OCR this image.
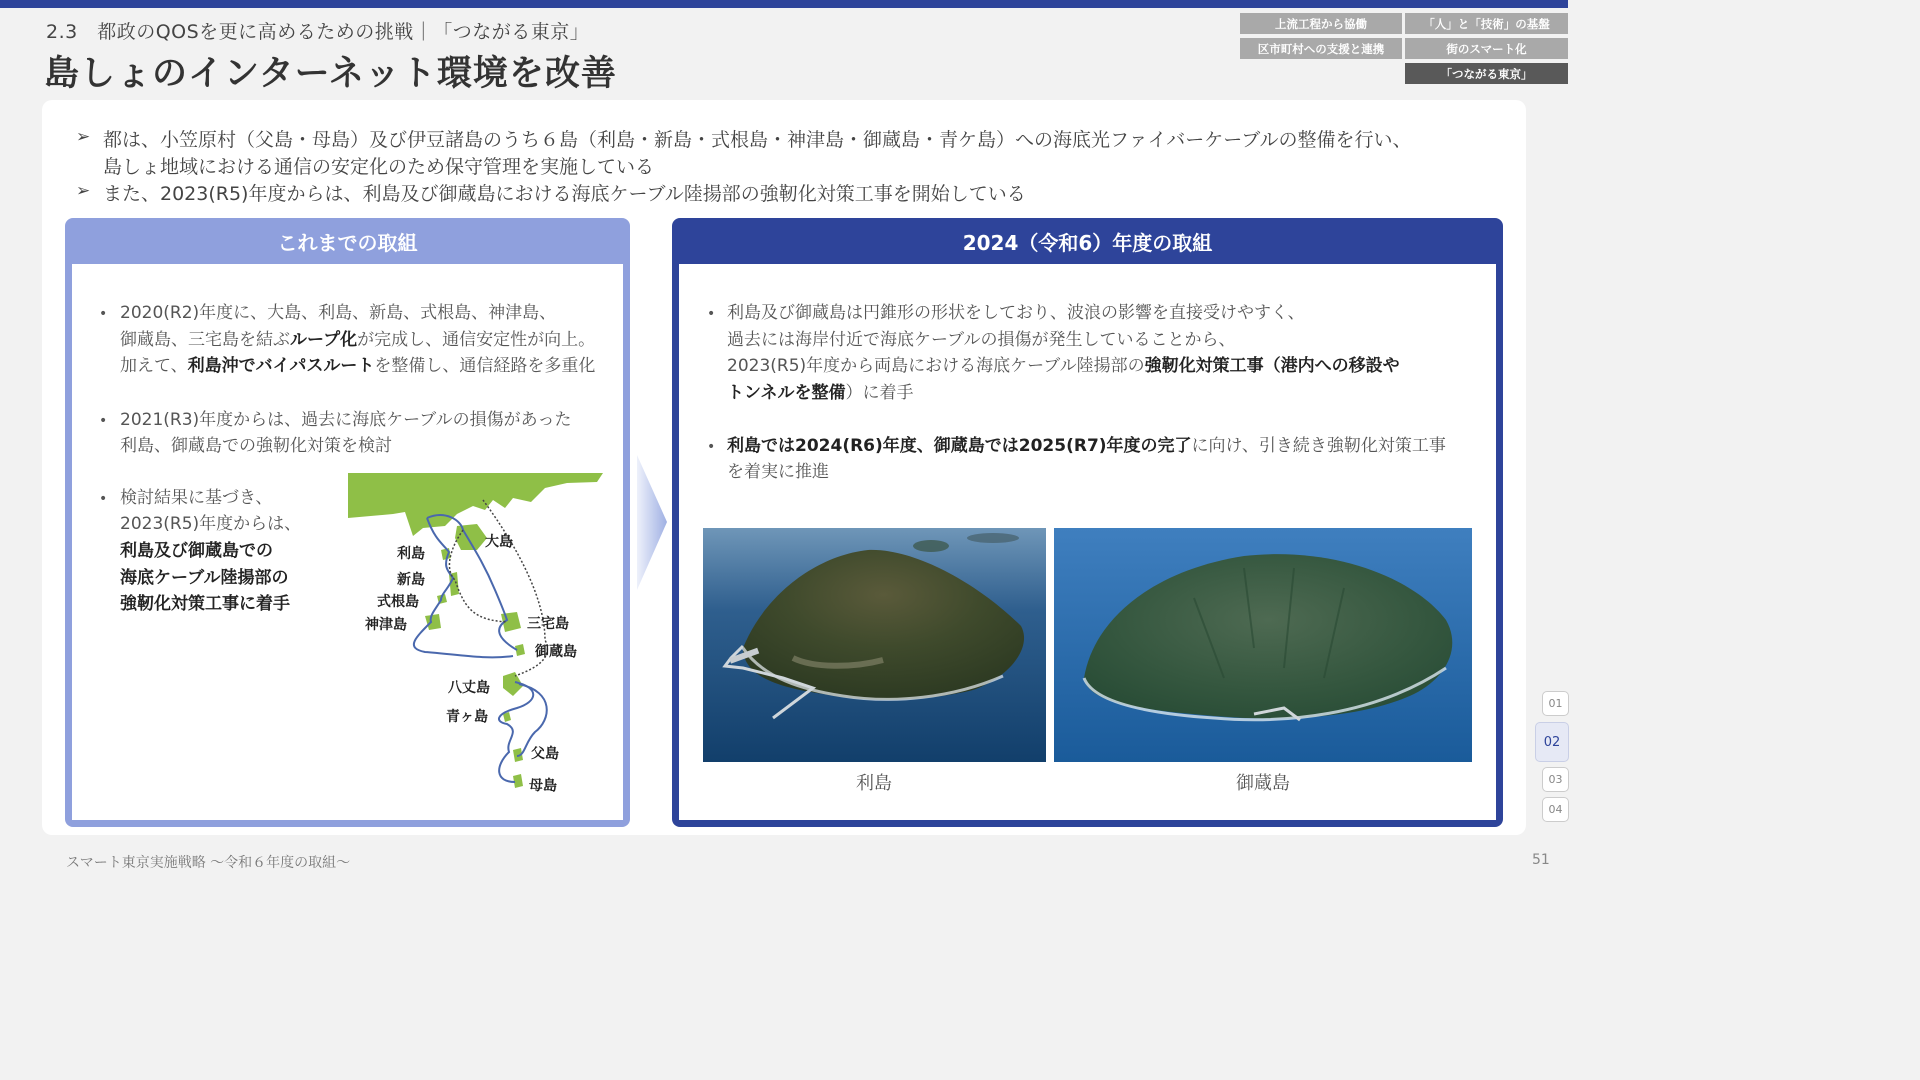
2.3　都政のQOSを更に高めるための挑戦｜「つながる東京」
島しょのインターネット環境を改善
上流工程から協働	「人」と「技術」の基盤
区市町村への支援と連携	街のスマート化
「つながる東京」
➢ 都は、小笠原村（父島・母島）及び伊豆諸島のうち６島（利島・新島・式根島・神津島・御蔵島・青ケ島）への海底光ファイバーケーブルの整備を行い、
島しょ地域における通信の安定化のため保守管理を実施している
➢ また、2023(R5)年度からは、利島及び御蔵島における海底ケーブル陸揚部の強靭化対策工事を開始している
これまでの取組
• 2020(R2)年度に、大島、利島、新島、式根島、神津島、
御蔵島、三宅島を結ぶループ化が完成し、通信安定性が向上。
加えて、利島沖でバイパスルートを整備し、通信経路を多重化
• 2021(R3)年度からは、過去に海底ケーブルの損傷があった
利島、御蔵島での強靭化対策を検討
• 検討結果に基づき、
2023(R5)年度からは、
利島及び御蔵島での
海底ケーブル陸揚部の
強靭化対策工事に着手
大島
利島
新島
式根島
神津島	三宅島
御蔵島
八丈島
青ヶ島
父島
母島
2024（令和6）年度の取組
• 利島及び御蔵島は円錐形の形状をしており、波浪の影響を直接受けやすく、
過去には海岸付近で海底ケーブルの損傷が発生していることから、
2023(R5)年度から両島における海底ケーブル陸揚部の強靭化対策工事（港内への移設や
トンネルを整備）に着手
• 利島では2024(R6)年度、御蔵島では2025(R7)年度の完了に向け、引き続き強靭化対策工事
を着実に推進
利島	御蔵島
01
02
03
04
スマート東京実施戦略 ～令和６年度の取組～	51
